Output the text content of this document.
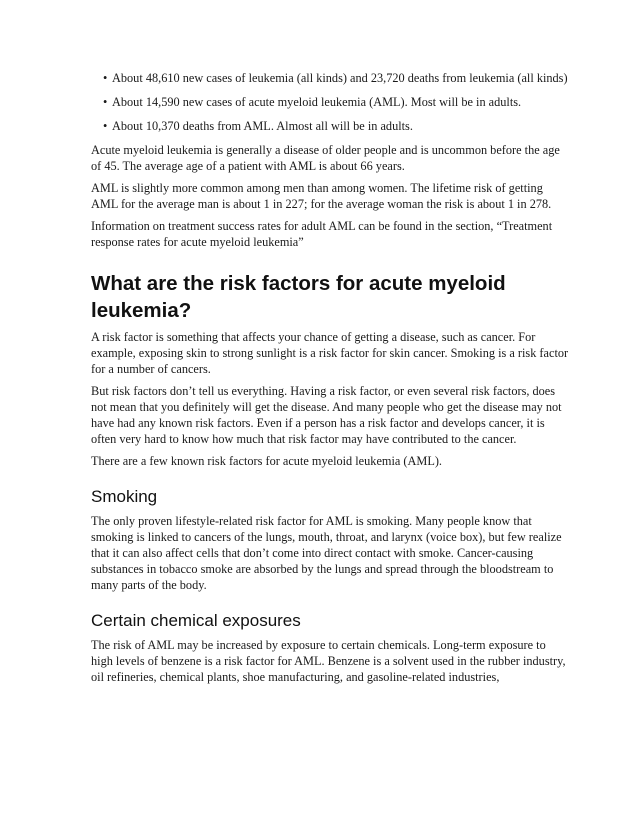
• About 48,610 new cases of leukemia (all kinds) and 23,720 deaths from leukemia (all kinds)
• About 14,590 new cases of acute myeloid leukemia (AML). Most will be in adults.
• About 10,370 deaths from AML. Almost all will be in adults.

Acute myeloid leukemia is generally a disease of older people and is uncommon before the age of 45. The average age of a patient with AML is about 66 years.

AML is slightly more common among men than among women. The lifetime risk of getting AML for the average man is about 1 in 227; for the average woman the risk is about 1 in 278.

Information on treatment success rates for adult AML can be found in the section, “Treatment response rates for acute myeloid leukemia”

What are the risk factors for acute myeloid leukemia?

A risk factor is something that affects your chance of getting a disease, such as cancer. For example, exposing skin to strong sunlight is a risk factor for skin cancer. Smoking is a risk factor for a number of cancers.

But risk factors don’t tell us everything. Having a risk factor, or even several risk factors, does not mean that you definitely will get the disease. And many people who get the disease may not have had any known risk factors. Even if a person has a risk factor and develops cancer, it is often very hard to know how much that risk factor may have contributed to the cancer.

There are a few known risk factors for acute myeloid leukemia (AML).

Smoking

The only proven lifestyle-related risk factor for AML is smoking. Many people know that smoking is linked to cancers of the lungs, mouth, throat, and larynx (voice box), but few realize that it can also affect cells that don’t come into direct contact with smoke. Cancer-causing substances in tobacco smoke are absorbed by the lungs and spread through the bloodstream to many parts of the body.

Certain chemical exposures

The risk of AML may be increased by exposure to certain chemicals. Long-term exposure to high levels of benzene is a risk factor for AML. Benzene is a solvent used in the rubber industry, oil refineries, chemical plants, shoe manufacturing, and gasoline-related industries,
